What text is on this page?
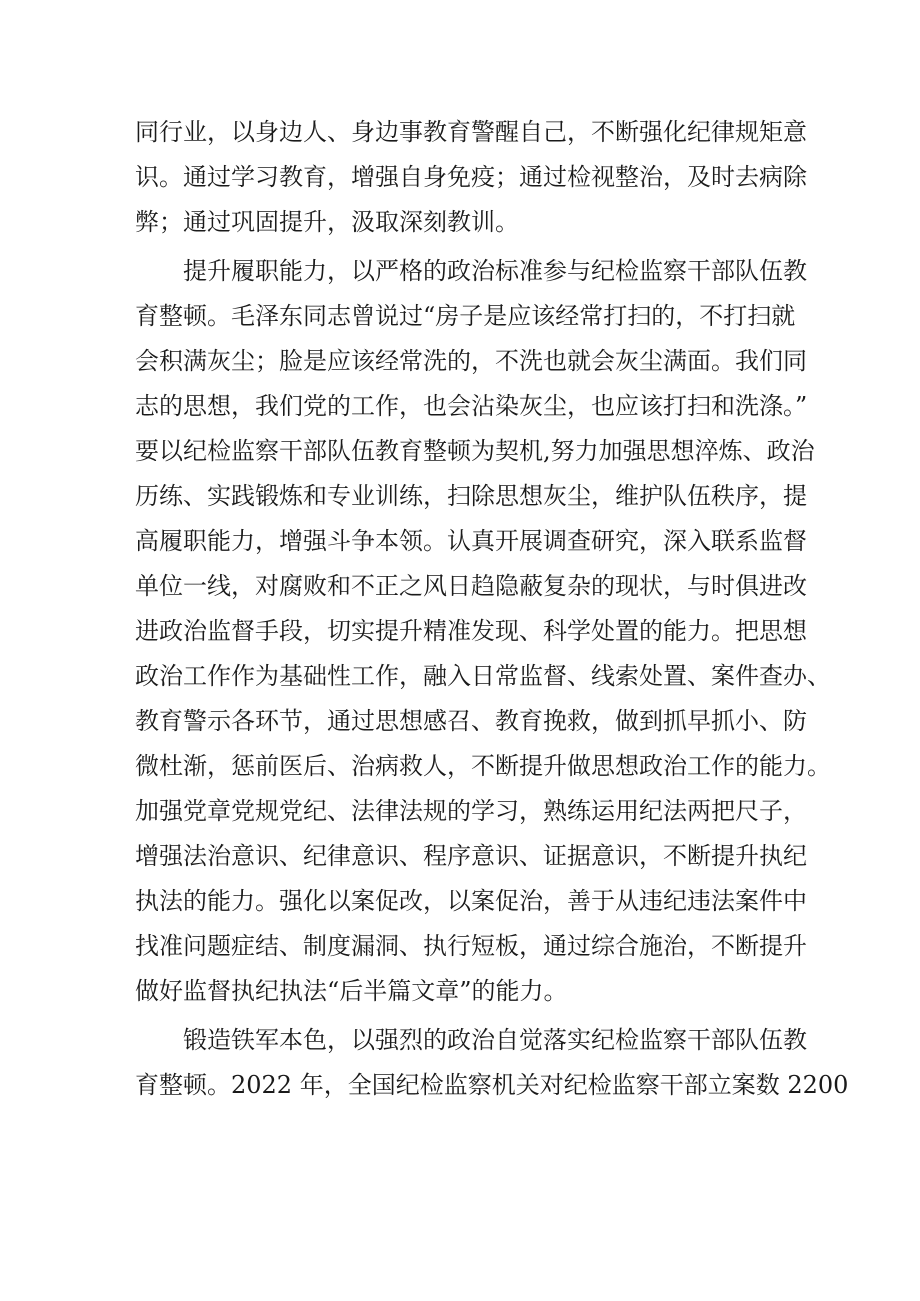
同行业，以身边人、身边事教育警醒自己，不断强化纪律规矩意
识。通过学习教育，增强自身免疫；通过检视整治，及时去病除
弊；通过巩固提升，汲取深刻教训。
提升履职能力，以严格的政治标准参与纪检监察干部队伍教
育整顿。毛泽东同志曾说过“房子是应该经常打扫的，不打扫就
会积满灰尘；脸是应该经常洗的，不洗也就会灰尘满面。我们同
志的思想，我们党的工作，也会沾染灰尘，也应该打扫和洗涤。”
要以纪检监察干部队伍教育整顿为契机,努力加强思想淬炼、政治
历练、实践锻炼和专业训练，扫除思想灰尘，维护队伍秩序，提
高履职能力，增强斗争本领。认真开展调查研究，深入联系监督
单位一线，对腐败和不正之风日趋隐蔽复杂的现状，与时俱进改
进政治监督手段，切实提升精准发现、科学处置的能力。把思想
政治工作作为基础性工作，融入日常监督、线索处置、案件查办、
教育警示各环节，通过思想感召、教育挽救，做到抓早抓小、防
微杜渐，惩前医后、治病救人，不断提升做思想政治工作的能力。
加强党章党规党纪、法律法规的学习，熟练运用纪法两把尺子，
增强法治意识、纪律意识、程序意识、证据意识，不断提升执纪
执法的能力。强化以案促改，以案促治，善于从违纪违法案件中
找准问题症结、制度漏洞、执行短板，通过综合施治，不断提升
做好监督执纪执法“后半篇文章”的能力。
锻造铁军本色，以强烈的政治自觉落实纪检监察干部队伍教
育整顿。2022 年，全国纪检监察机关对纪检监察干部立案数 2200
